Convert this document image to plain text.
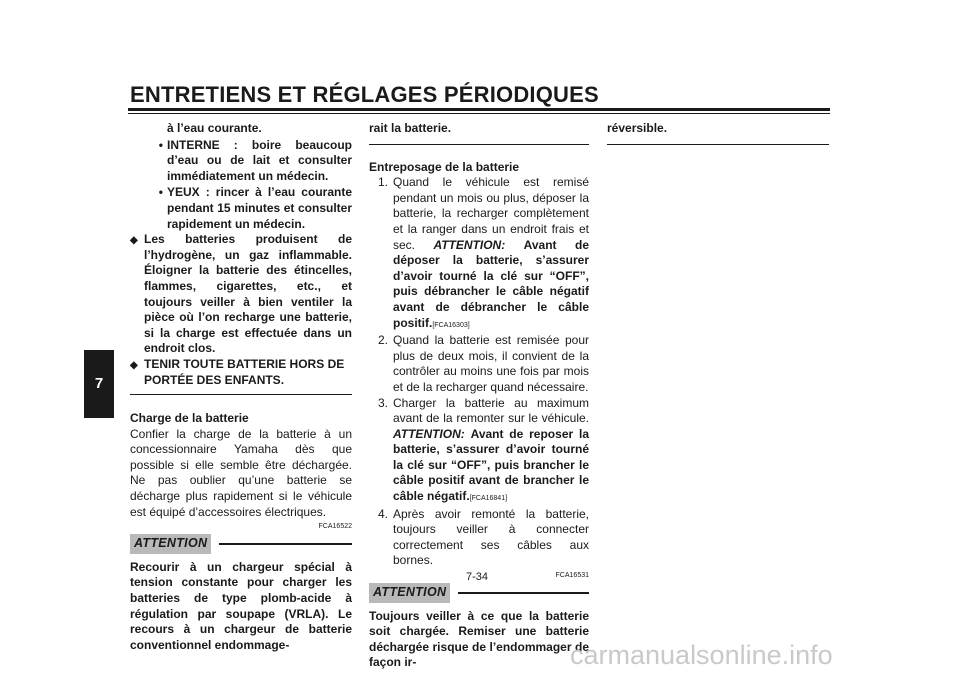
ENTRETIENS ET RÉGLAGES PÉRIODIQUES
7

à l’eau courante.

• INTERNE : boire beaucoup d’eau ou de lait et consulter immédiatement un médecin.
• YEUX : rincer à l’eau courante pendant 15 minutes et consulter rapidement un médecin.
◆ Les batteries produisent de l’hydrogène, un gaz inflammable. Éloigner la batterie des étincelles, flammes, cigarettes, etc., et toujours veiller à bien ventiler la pièce où l’on recharge une batterie, si la charge est effectuée dans un endroit clos.
◆ TENIR TOUTE BATTERIE HORS DE PORTÉE DES ENFANTS.

Charge de la batterie

Confier la charge de la batterie à un concessionnaire Yamaha dès que possible si elle semble être déchargée. Ne pas oublier qu’une batterie se décharge plus rapidement si le véhicule est équipé d’accessoires électriques.

FCA16522

ATTENTION

Recourir à un chargeur spécial à tension constante pour charger les batteries de type plomb-acide à régulation par soupape (VRLA). Le recours à un chargeur de batterie conventionnel endommage-

rait la batterie.

Entreposage de la batterie

1. Quand le véhicule est remisé pendant un mois ou plus, déposer la batterie, la recharger complètement et la ranger dans un endroit frais et sec. ATTENTION: Avant de déposer la batterie, s’assurer d’avoir tourné la clé sur “OFF”, puis débrancher le câble négatif avant de débrancher le câble positif.[FCA16303]
2. Quand la batterie est remisée pour plus de deux mois, il convient de la contrôler au moins une fois par mois et de la recharger quand nécessaire.
3. Charger la batterie au maximum avant de la remonter sur le véhicule. ATTENTION: Avant de reposer la batterie, s’assurer d’avoir tourné la clé sur “OFF”, puis brancher le câble positif avant de brancher le câble négatif.[FCA16841]
4. Après avoir remonté la batterie, toujours veiller à connecter correctement ses câbles aux bornes.

FCA16531

ATTENTION

Toujours veiller à ce que la batterie soit chargée. Remiser une batterie déchargée risque de l’endommager de façon ir-

réversible.

7-34
carmanualsonline.info
